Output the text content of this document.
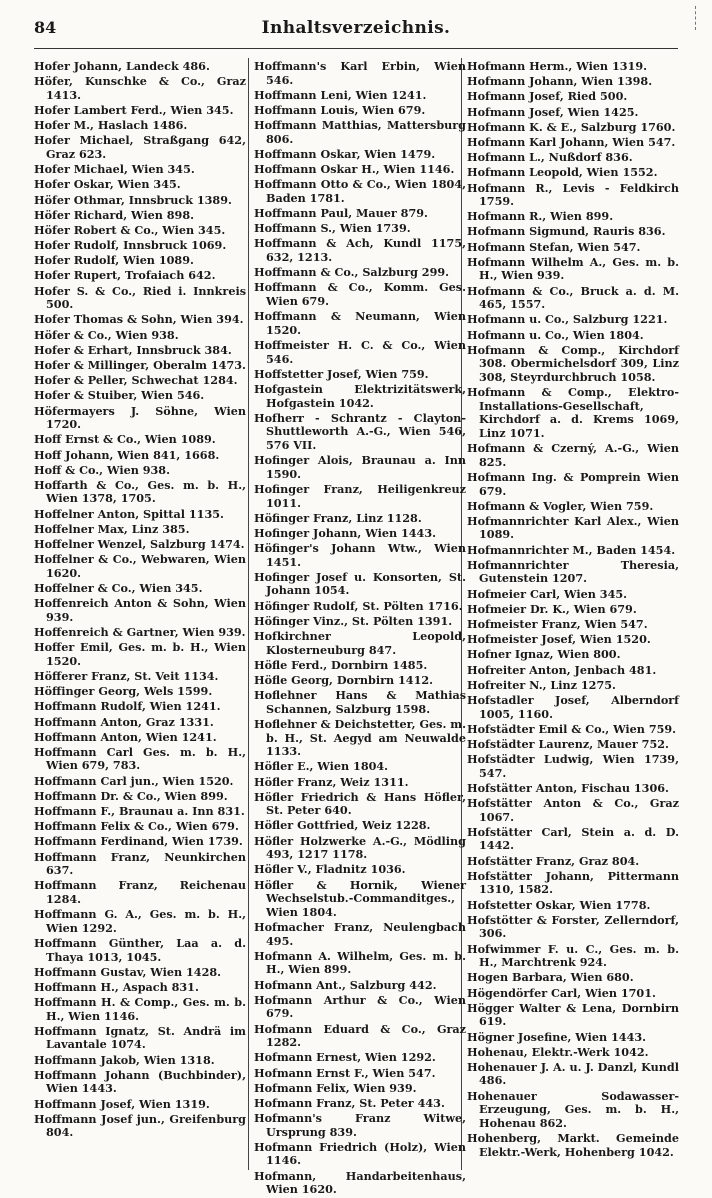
84	Inhaltsverzeichnis.
Hofer Johann, Landeck 486.
Höfer, Kunschke & Co., Graz 1413.
Hofer Lambert Ferd., Wien 345.
Hofer M., Haslach 1486.
Hofer Michael, Straßgang 642, Graz 623.
Hofer Michael, Wien 345.
Hofer Oskar, Wien 345.
Höfer Othmar, Innsbruck 1389.
Höfer Richard, Wien 898.
Höfer Robert & Co., Wien 345.
Hofer Rudolf, Innsbruck 1069.
Hofer Rudolf, Wien 1089.
Hofer Rupert, Trofaiach 642.
Hofer S. & Co., Ried i. Innkreis 500.
Hofer Thomas & Sohn, Wien 394.
Höfer & Co., Wien 938.
Hofer & Erhart, Innsbruck 384.
Hofer & Millinger, Oberalm 1473.
Hofer & Peller, Schwechat 1284.
Hofer & Stuiber, Wien 546.
Höfermayers J. Söhne, Wien 1720.
Hoff Ernst & Co., Wien 1089.
Hoff Johann, Wien 841, 1668.
Hoff & Co., Wien 938.
Hoffarth & Co., Ges. m. b. H., Wien 1378, 1705.
Hoffelner Anton, Spittal 1135.
Hoffelner Max, Linz 385.
Hoffelner Wenzel, Salzburg 1474.
Hoffelner & Co., Webwaren, Wien 1620.
Hoffelner & Co., Wien 345.
Hoffenreich Anton & Sohn, Wien 939.
Hoffenreich & Gartner, Wien 939.
Hoffer Emil, Ges. m. b. H., Wien 1520.
Höfferer Franz, St. Veit 1134.
Höffinger Georg, Wels 1599.
Hoffmann Rudolf, Wien 1241.
Hoffmann Anton, Graz 1331.
Hoffmann Anton, Wien 1241.
Hoffmann Carl Ges. m. b. H., Wien 679, 783.
Hoffmann Carl jun., Wien 1520.
Hoffmann Dr. & Co., Wien 899.
Hoffmann F., Braunau a. Inn 831.
Hoffmann Felix & Co., Wien 679.
Hoffmann Ferdinand, Wien 1739.
Hoffmann Franz, Neunkirchen 637.
Hoffmann Franz, Reichenau 1284.
Hoffmann G. A., Ges. m. b. H., Wien 1292.
Hoffmann Günther, Laa a. d. Thaya 1013, 1045.
Hoffmann Gustav, Wien 1428.
Hoffmann H., Aspach 831.
Hoffmann H. & Comp., Ges. m. b. H., Wien 1146.
Hoffmann Ignatz, St. Andrä im Lavantale 1074.
Hoffmann Jakob, Wien 1318.
Hoffmann Johann (Buchbinder), Wien 1443.
Hoffmann Josef, Wien 1319.
Hoffmann Josef jun., Greifenburg 804.
Hoffmann's Karl Erbin, Wien 546.
Hoffmann Leni, Wien 1241.
Hoffmann Louis, Wien 679.
Hoffmann Matthias, Mattersburg 806.
Hoffmann Oskar, Wien 1479.
Hoffmann Oskar H., Wien 1146.
Hoffmann Otto & Co., Wien 1804, Baden 1781.
Hoffmann Paul, Mauer 879.
Hoffmann S., Wien 1739.
Hoffmann & Ach, Kundl 1175, 632, 1213.
Hoffmann & Co., Salzburg 299.
Hoffmann & Co., Komm. Ges. Wien 679.
Hoffmann & Neumann, Wien 1520.
Hoffmeister H. C. & Co., Wien 546.
Hoffstetter Josef, Wien 759.
Hofgastein Elektrizitätswerk, Hofgastein 1042.
Hofherr - Schrantz - Clayton-Shuttleworth A.-G., Wien 546, 576 VII.
Hofinger Alois, Braunau a. Inn 1590.
Hofinger Franz, Heiligenkreuz 1011.
Höfinger Franz, Linz 1128.
Hofinger Johann, Wien 1443.
Höfinger's Johann Wtw., Wien 1451.
Hofinger Josef u. Konsorten, St. Johann 1054.
Höfinger Rudolf, St. Pölten 1716.
Höfinger Vinz., St. Pölten 1391.
Hofkirchner Leopold, Klosterneuburg 847.
Höfle Ferd., Dornbirn 1485.
Höfle Georg, Dornbirn 1412.
Hoflehner Hans & Mathias Schannen, Salzburg 1598.
Hoflehner & Deichstetter, Ges. m. b. H., St. Aegyd am Neuwalde 1133.
Höfler E., Wien 1804.
Höfler Franz, Weiz 1311.
Höfler Friedrich & Hans Höfler, St. Peter 640.
Höfler Gottfried, Weiz 1228.
Höfler Holzwerke A.-G., Mödling 493, 1217 1178.
Höfler V., Fladnitz 1036.
Höfler & Hornik, Wiener Wechselstub.-Commanditges., Wien 1804.
Hofmacher Franz, Neulengbach 495.
Hofmann A. Wilhelm, Ges. m. b. H., Wien 899.
Hofmann Ant., Salzburg 442.
Hofmann Arthur & Co., Wien 679.
Hofmann Eduard & Co., Graz 1282.
Hofmann Ernest, Wien 1292.
Hofmann Ernst F., Wien 547.
Hofmann Felix, Wien 939.
Hofmann Franz, St. Peter 443.
Hofmann's Franz Witwe, Ursprung 839.
Hofmann Friedrich (Holz), Wien 1146.
Hofmann, Handarbeitenhaus, Wien 1620.
Hofmann Herm., Wien 1319.
Hofmann Johann, Wien 1398.
Hofmann Josef, Ried 500.
Hofmann Josef, Wien 1425.
Hofmann K. & E., Salzburg 1760.
Hofmann Karl Johann, Wien 547.
Hofmann L., Nußdorf 836.
Hofmann Leopold, Wien 1552.
Hofmann R., Levis - Feldkirch 1759.
Hofmann R., Wien 899.
Hofmann Sigmund, Rauris 836.
Hofmann Stefan, Wien 547.
Hofmann Wilhelm A., Ges. m. b. H., Wien 939.
Hofmann & Co., Bruck a. d. M. 465, 1557.
Hofmann u. Co., Salzburg 1221.
Hofmann u. Co., Wien 1804.
Hofmann & Comp., Kirchdorf 308. Obermichelsdorf 309, Linz 308, Steyrdurchbruch 1058.
Hofmann & Comp., Elektro-Installations-Gesellschaft, Kirchdorf a. d. Krems 1069, Linz 1071.
Hofmann & Czerný, A.-G., Wien 825.
Hofmann Ing. & Pomprein Wien 679.
Hofmann & Vogler, Wien 759.
Hofmannrichter Karl Alex., Wien 1089.
Hofmannrichter M., Baden 1454.
Hofmannrichter Theresia, Gutenstein 1207.
Hofmeier Carl, Wien 345.
Hofmeier Dr. K., Wien 679.
Hofmeister Franz, Wien 547.
Hofmeister Josef, Wien 1520.
Hofner Ignaz, Wien 800.
Hofreiter Anton, Jenbach 481.
Hofreiter N., Linz 1275.
Hofstadler Josef, Alberndorf 1005, 1160.
Hofstädter Emil & Co., Wien 759.
Hofstädter Laurenz, Mauer 752.
Hofstädter Ludwig, Wien 1739, 547.
Hofstätter Anton, Fischau 1306.
Hofstätter Anton & Co., Graz 1067.
Hofstätter Carl, Stein a. d. D. 1442.
Hofstätter Franz, Graz 804.
Hofstätter Johann, Pittermann 1310, 1582.
Hofstetter Oskar, Wien 1778.
Hofstötter & Forster, Zellerndorf, 306.
Hofwimmer F. u. C., Ges. m. b. H., Marchtrenk 924.
Hogen Barbara, Wien 680.
Högendörfer Carl, Wien 1701.
Högger Walter & Lena, Dornbirn 619.
Högner Josefine, Wien 1443.
Hohenau, Elektr.-Werk 1042.
Hohenauer J. A. u. J. Danzl, Kundl 486.
Hohenauer Sodawasser-Erzeugung, Ges. m. b. H., Hohenau 862.
Hohenberg, Markt. Gemeinde Elektr.-Werk, Hohenberg 1042.
